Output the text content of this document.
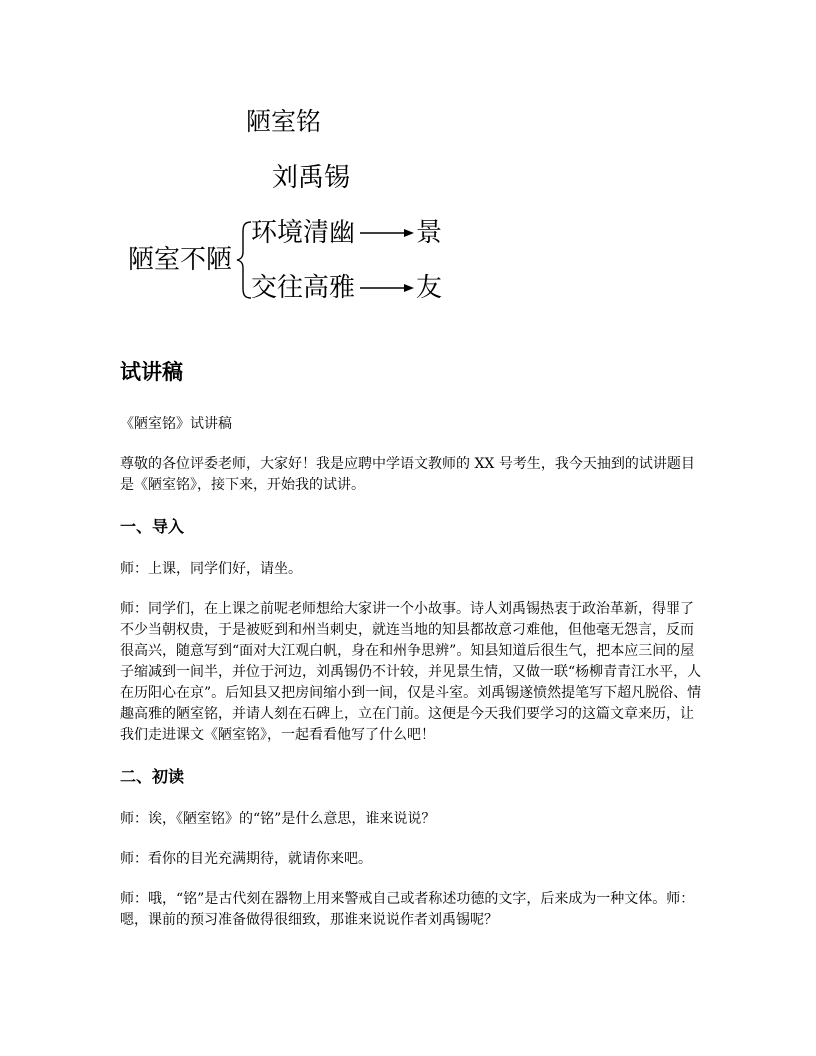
陋室铭
刘禹锡
陋室不陋
环境清幽
交往高雅
景
友
试讲稿

《陋室铭》试讲稿

尊敬的各位评委老师，大家好！我是应聘中学语文教师的 XX 号考生，我今天抽到的试讲题目是《陋室铭》，接下来，开始我的试讲。

一、导入

师：上课，同学们好，请坐。

师：同学们，在上课之前呢老师想给大家讲一个小故事。诗人刘禹锡热衷于政治革新，得罪了不少当朝权贵，于是被贬到和州当刺史，就连当地的知县都故意刁难他，但他毫无怨言，反而很高兴，随意写到“面对大江观白帆，身在和州争思辨”。知县知道后很生气，把本应三间的屋子缩减到一间半，并位于河边，刘禹锡仍不计较，并见景生情，又做一联“杨柳青青江水平，人在历阳心在京”。后知县又把房间缩小到一间，仅是斗室。刘禹锡遂愤然提笔写下超凡脱俗、情趣高雅的陋室铭，并请人刻在石碑上，立在门前。这便是今天我们要学习的这篇文章来历，让我们走进课文《陋室铭》，一起看看他写了什么吧！

二、初读

师：诶，《陋室铭》的“铭”是什么意思，谁来说说？

师：看你的目光充满期待，就请你来吧。

师：哦，“铭”是古代刻在器物上用来警戒自己或者称述功德的文字，后来成为一种文体。师：嗯，课前的预习准备做得很细致，那谁来说说作者刘禹锡呢？
